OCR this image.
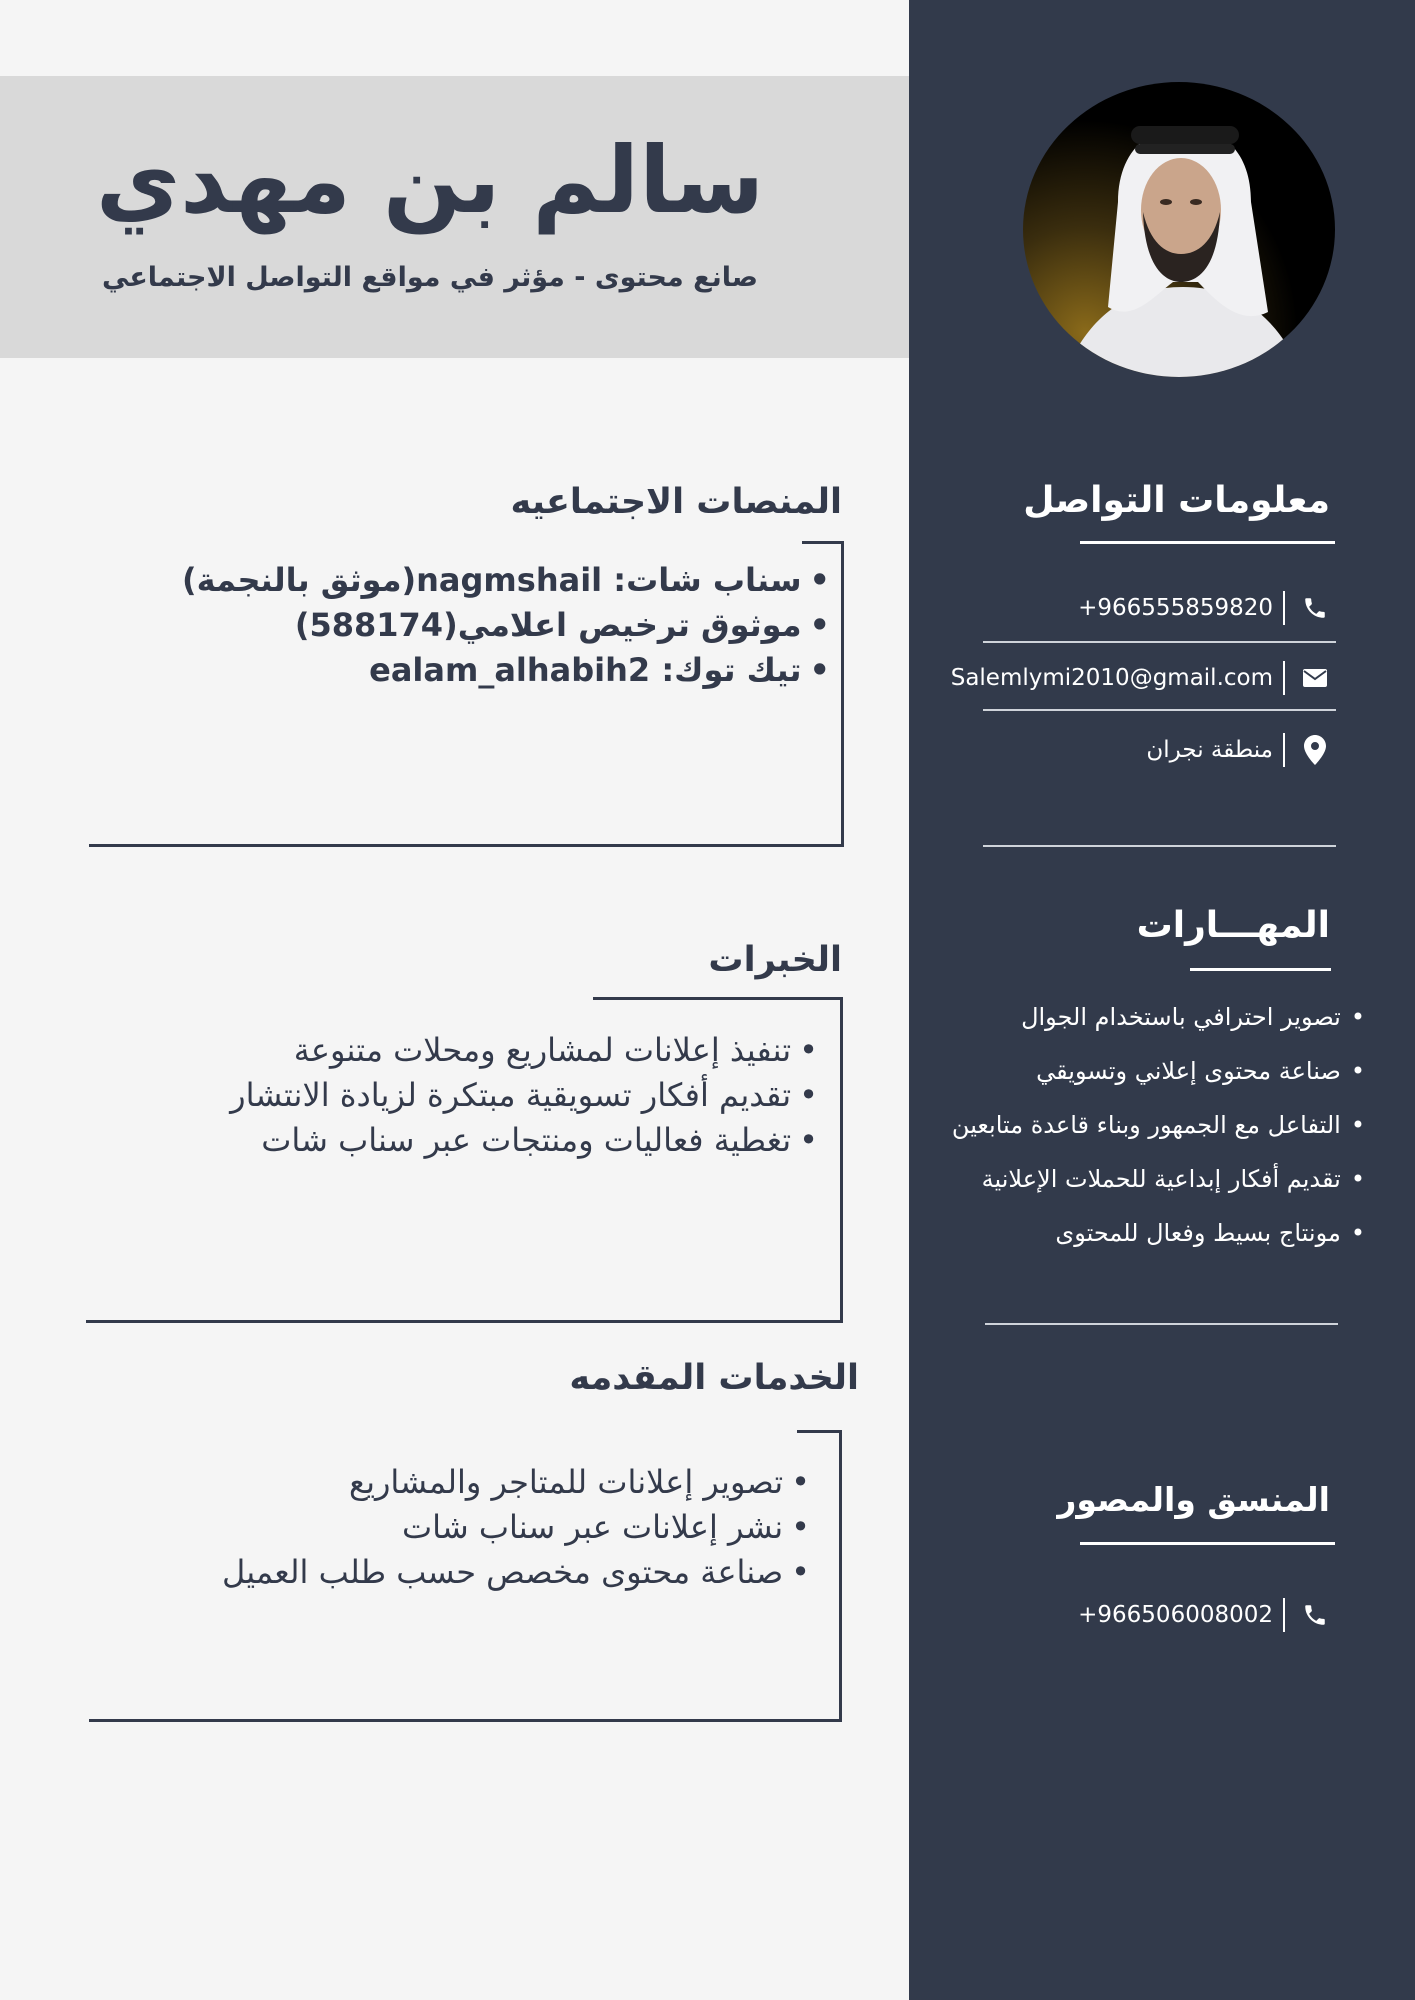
سالم بن مهدي
صانع محتوى - مؤثر في مواقع التواصل الاجتماعي
معلومات التواصل
+966555859820
Salemlymi2010@gmail.com
منطقة نجران
المهـــارات
• تصوير احترافي باستخدام الجوال
• صناعة محتوى إعلاني وتسويقي
• التفاعل مع الجمهور وبناء قاعدة متابعين
• تقديم أفكار إبداعية للحملات الإعلانية
• مونتاج بسيط وفعال للمحتوى
المنسق والمصور
+966506008002
المنصات الاجتماعيه
• سناب شات: nagmshail(موثق بالنجمة)
• موثوق ترخيص اعلامي(588174)
• تيك توك: ealam_alhabih2
الخبرات
• تنفيذ إعلانات لمشاريع ومحلات متنوعة
• تقديم أفكار تسويقية مبتكرة لزيادة الانتشار
• تغطية فعاليات ومنتجات عبر سناب شات
الخدمات المقدمه
• تصوير إعلانات للمتاجر والمشاريع
• نشر إعلانات عبر سناب شات
• صناعة محتوى مخصص حسب طلب العميل
